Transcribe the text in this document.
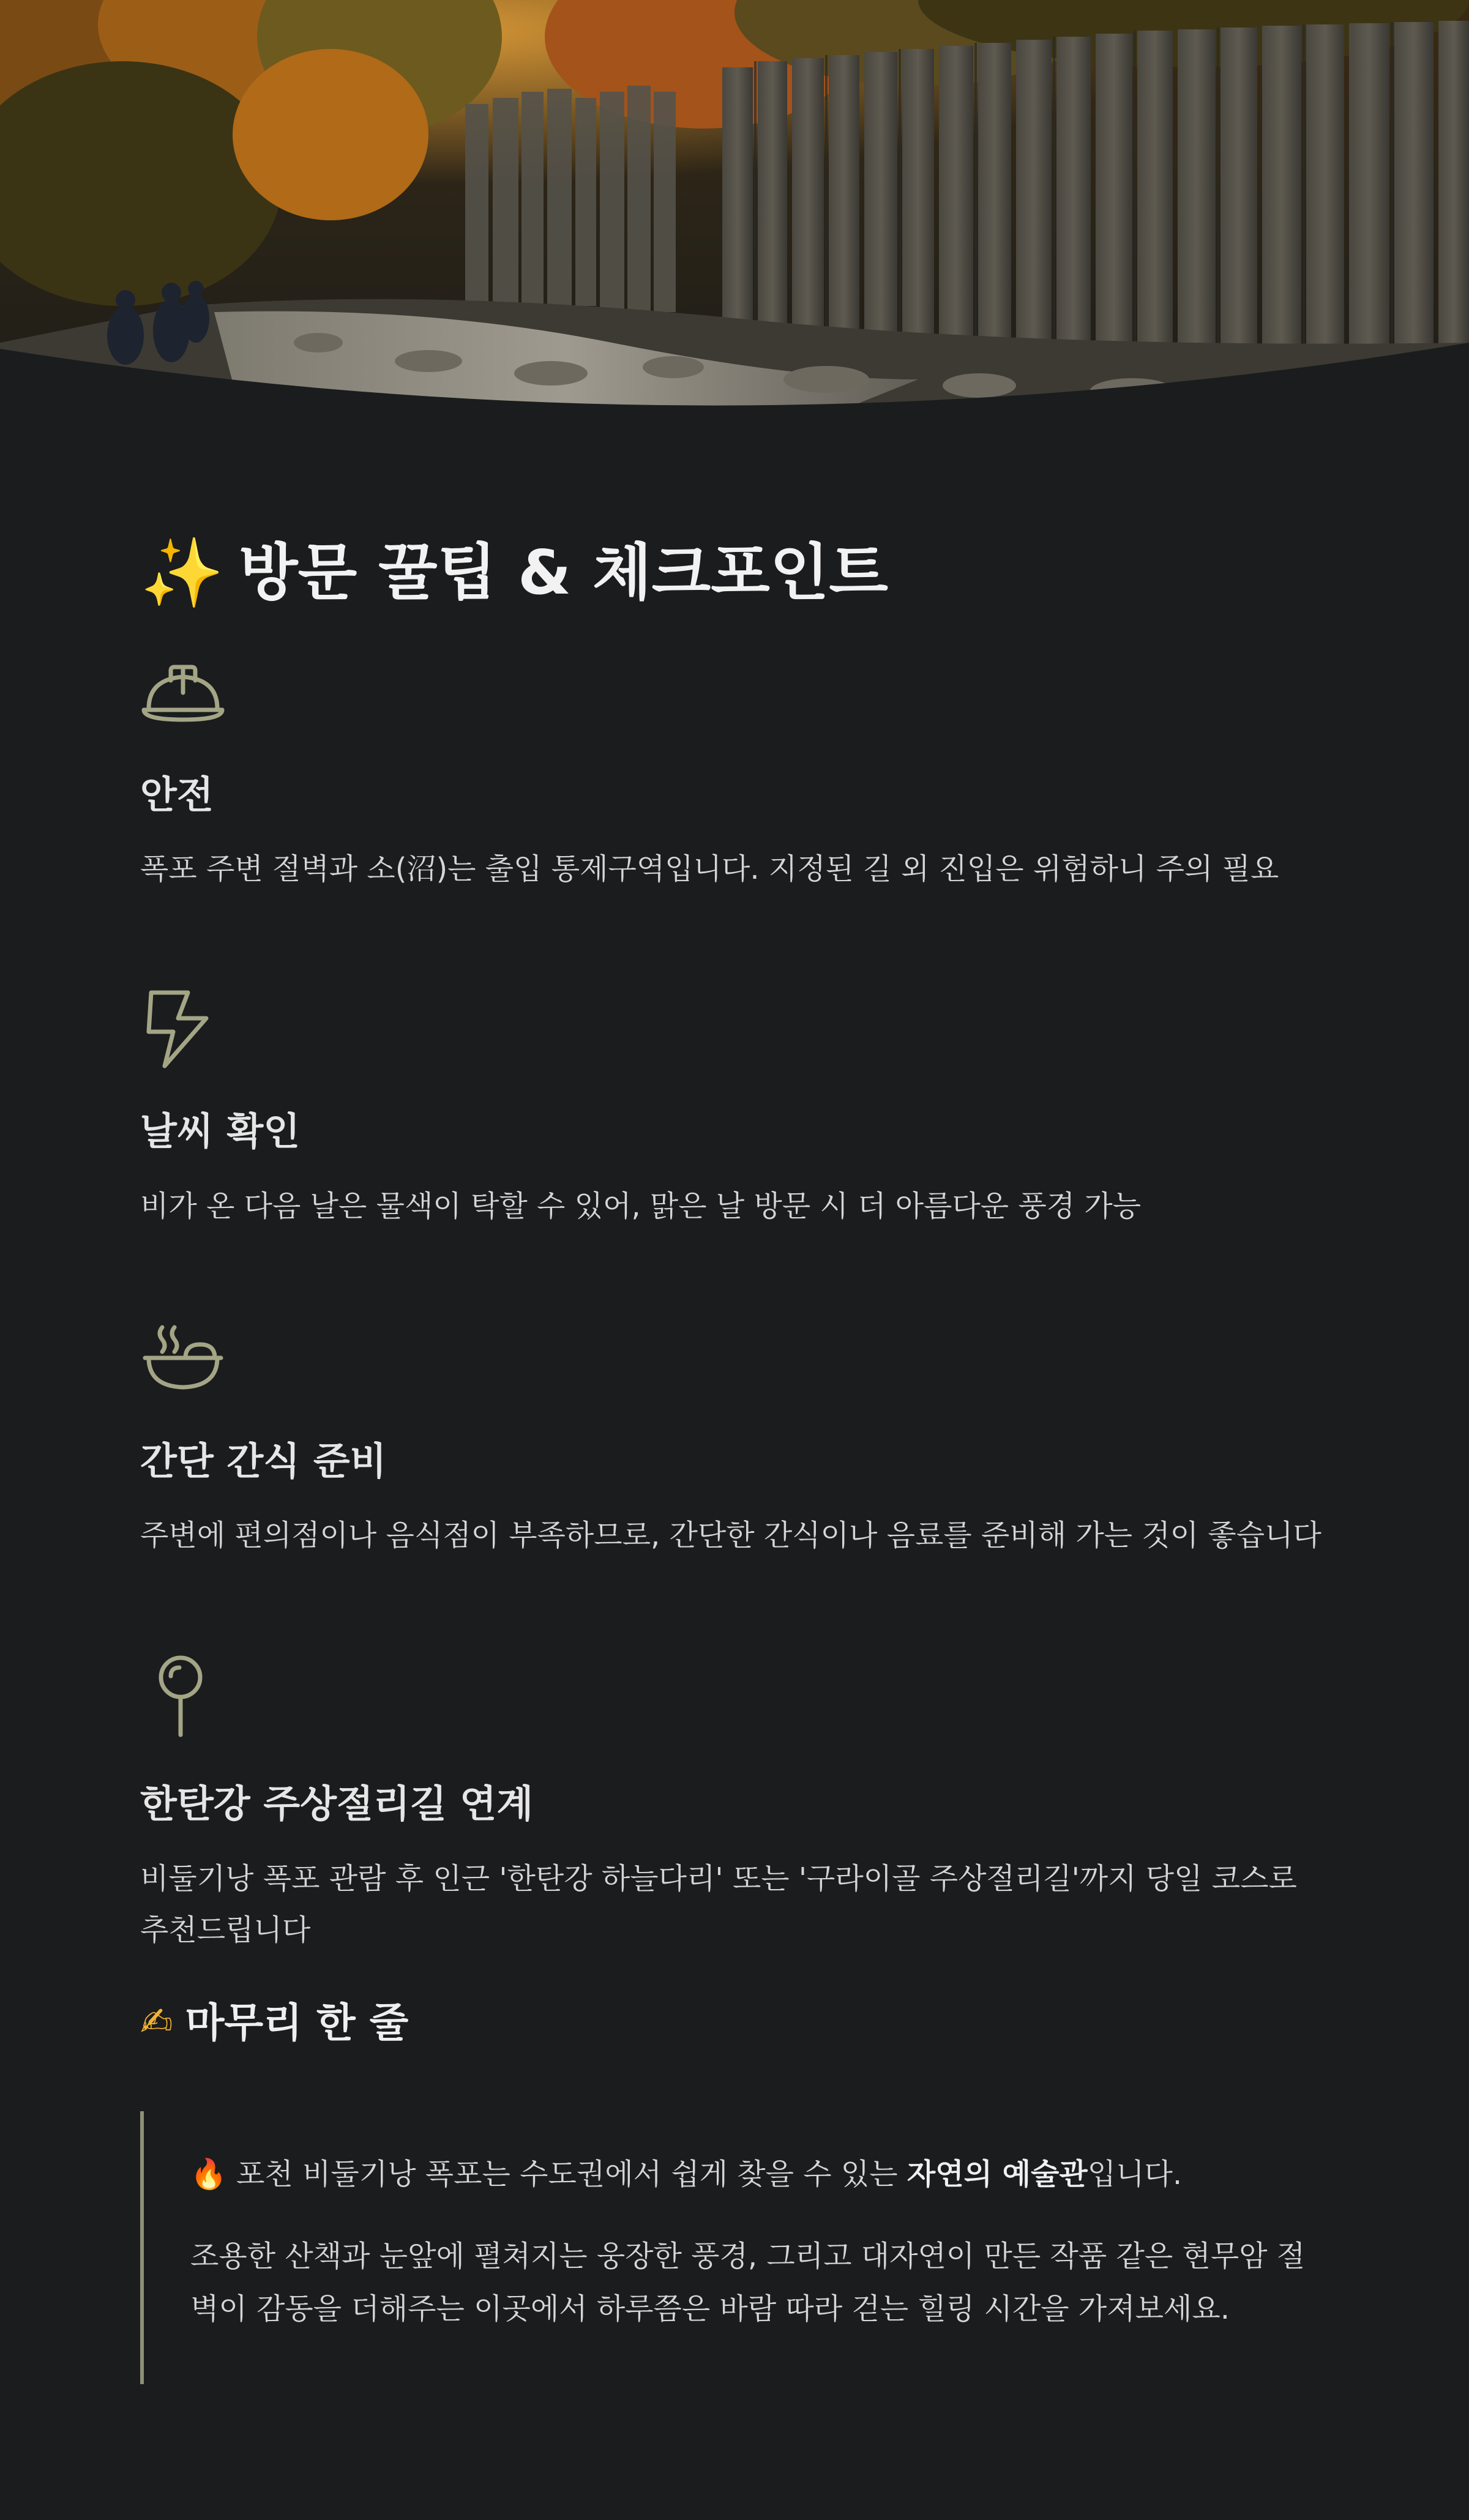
✨ 방문 꿀팁 & 체크포인트
안전

폭포 주변 절벽과 소(沼)는 출입 통제구역입니다. 지정된 길 외 진입은 위험하니 주의 필요

날씨 확인

비가 온 다음 날은 물색이 탁할 수 있어, 맑은 날 방문 시 더 아름다운 풍경 가능

간단 간식 준비

주변에 편의점이나 음식점이 부족하므로, 간단한 간식이나 음료를 준비해 가는 것이 좋습니다

한탄강 주상절리길 연계

비둘기낭 폭포 관람 후 인근 '한탄강 하늘다리' 또는 '구라이골 주상절리길'까지 당일 코스로 추천드립니다

✍ 마무리 한 줄

🔥 포천 비둘기낭 폭포는 수도권에서 쉽게 찾을 수 있는 자연의 예술관입니다.

조용한 산책과 눈앞에 펼쳐지는 웅장한 풍경, 그리고 대자연이 만든 작품 같은 현무암 절벽이 감동을 더해주는 이곳에서 하루쯤은 바람 따라 걷는 힐링 시간을 가져보세요.
